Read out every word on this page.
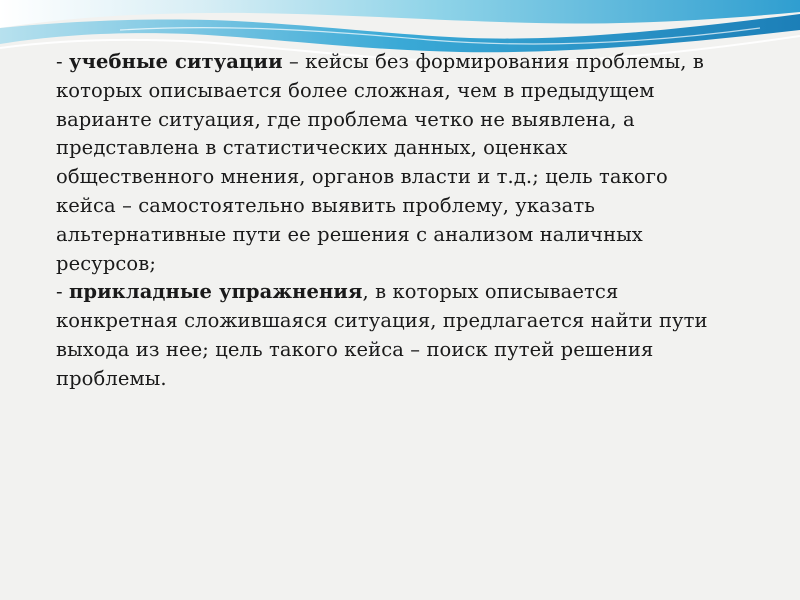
- учебные ситуации – кейсы без формирования проблемы, в которых описывается более сложная, чем в предыдущем варианте ситуация, где проблема четко не выявлена, а представлена в статистических данных, оценках общественного мнения, органов власти и т.д.; цель такого кейса – самостоятельно выявить проблему, указать альтернативные пути ее решения с анализом наличных ресурсов;

- прикладные упражнения, в которых описывается конкретная сложившаяся ситуация, предлагается найти пути выхода из нее; цель такого кейса – поиск путей решения проблемы.
